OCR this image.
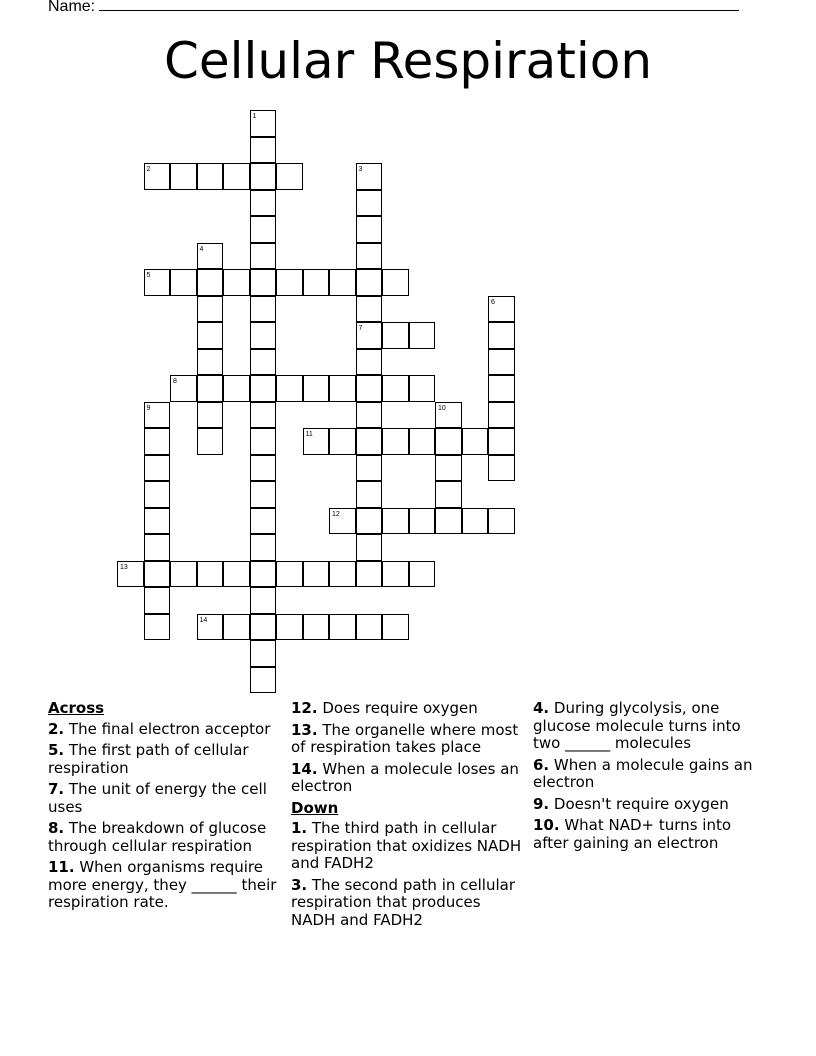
Name:
Cellular Respiration
1
2	3
4
5
6
7
8
9	10
11
12
13
14
Across
2. The final electron acceptor
5. The first path of cellular respiration
7. The unit of energy the cell uses
8. The breakdown of glucose through cellular respiration
11. When organisms require more energy, they ______ their respiration rate.
12. Does require oxygen
13. The organelle where most of respiration takes place
14. When a molecule loses an electron
Down
1. The third path in cellular respiration that oxidizes NADH and FADH2
3. The second path in cellular respiration that produces NADH and FADH2
4. During glycolysis, one glucose molecule turns into two ______ molecules
6. When a molecule gains an electron
9. Doesn't require oxygen
10. What NAD+ turns into after gaining an electron
